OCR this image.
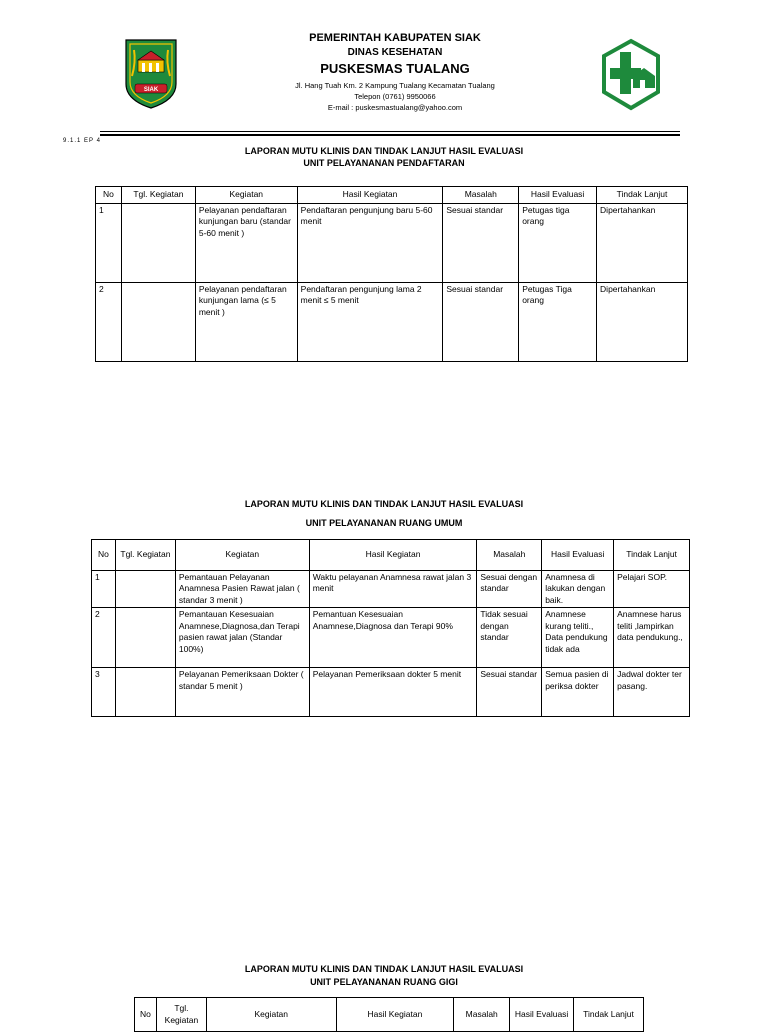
SIAK
PEMERINTAH KABUPATEN SIAK
DINAS KESEHATAN
PUSKESMAS TUALANG
Jl. Hang Tuah Km. 2 Kampung Tualang Kecamatan Tualang
Telepon (0761) 9950066
E-mail : puskesmastualang@yahoo.com
9.1.1 EP 4
LAPORAN MUTU KLINIS DAN TINDAK LANJUT HASIL EVALUASI
UNIT PELAYANANAN PENDAFTARAN
No	Tgl. Kegiatan	Kegiatan	Hasil Kegiatan	Masalah	Hasil Evaluasi	Tindak Lanjut
1		Pelayanan pendaftaran kunjungan baru (standar 5-60 menit )	Pendaftaran pengunjung baru 5-60 menit	Sesuai standar	Petugas tiga orang	Dipertahankan
2		Pelayanan pendaftaran kunjungan lama (≤ 5 menit )	Pendaftaran pengunjung lama 2 menit ≤ 5 menit	Sesuai standar	Petugas Tiga orang	Dipertahankan
LAPORAN MUTU KLINIS DAN TINDAK LANJUT HASIL EVALUASI
UNIT PELAYANANAN RUANG UMUM
No	Tgl. Kegiatan	Kegiatan	Hasil Kegiatan	Masalah	Hasil Evaluasi	Tindak Lanjut
1		Pemantauan Pelayanan Anamnesa Pasien Rawat jalan ( standar 3 menit )	Waktu pelayanan Anamnesa rawat jalan 3 menit	Sesuai dengan standar	Anamnesa di lakukan dengan baik.	Pelajari SOP.
2		Pemantauan Kesesuaian Anamnese,Diagnosa,dan Terapi pasien rawat jalan (Standar 100%)	Pemantuan Kesesuaian Anamnese,Diagnosa dan Terapi 90%	Tidak sesuai dengan standar	Anamnese kurang teliti., Data pendukung tidak ada	Anamnese harus teliti ,lampirkan data pendukung.,
3		Pelayanan Pemeriksaan Dokter ( standar 5 menit )	Pelayanan Pemeriksaan dokter 5 menit	Sesuai standar	Semua pasien di periksa dokter	Jadwal dokter ter pasang.
LAPORAN MUTU KLINIS DAN TINDAK LANJUT HASIL EVALUASI
UNIT PELAYANANAN RUANG GIGI
No	Tgl. Kegiatan	Kegiatan	Hasil Kegiatan	Masalah	Hasil Evaluasi	Tindak Lanjut
